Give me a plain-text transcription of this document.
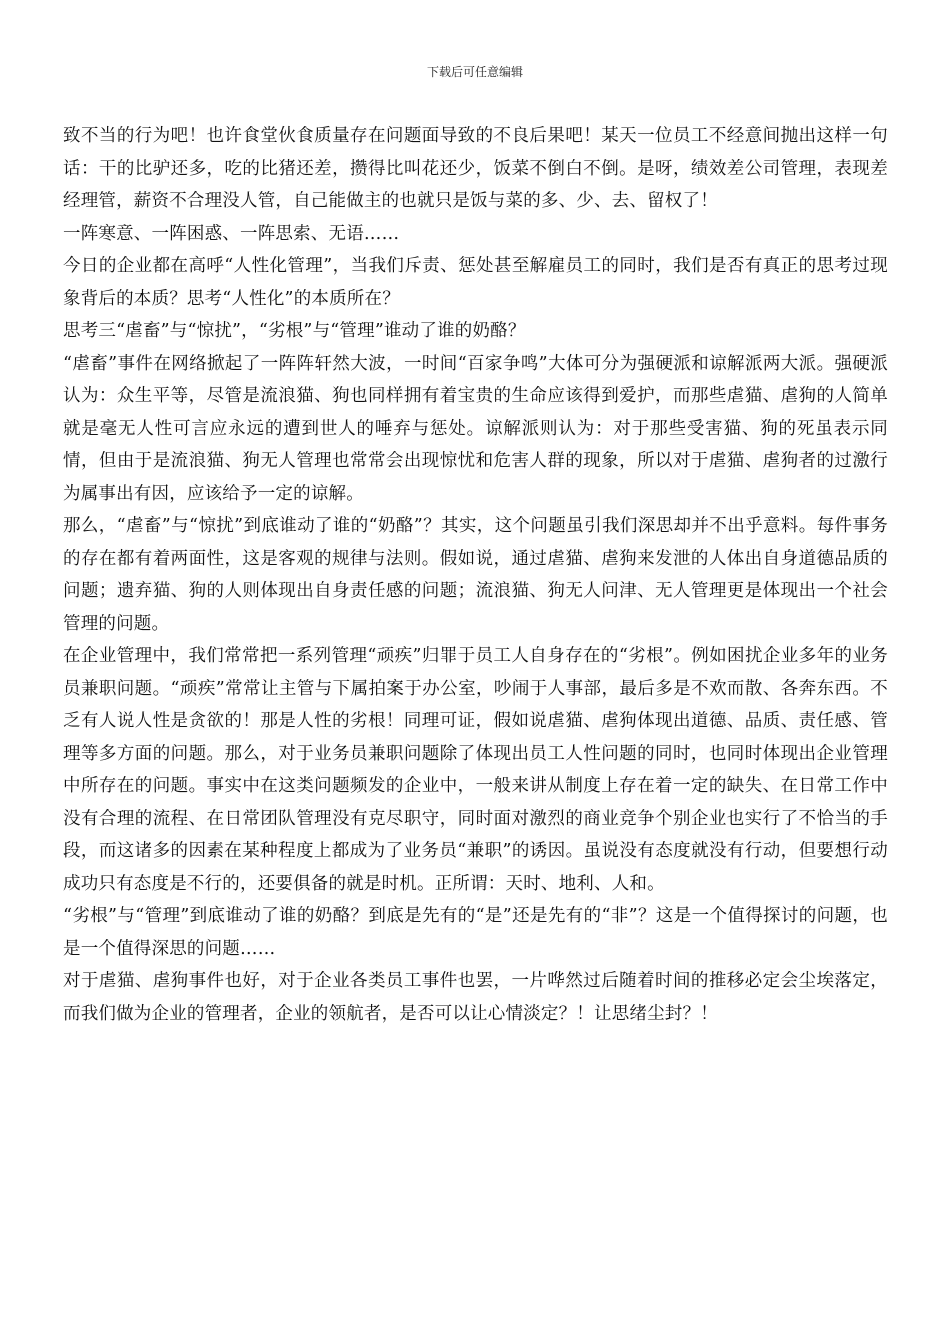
下载后可任意编辑

致不当的行为吧！也许食堂伙食质量存在问题面导致的不良后果吧！某天一位员工不经意间抛出这样一句话：干的比驴还多，吃的比猪还差，攒得比叫花还少，饭菜不倒白不倒。是呀，绩效差公司管理，表现差经理管，薪资不合理没人管，自己能做主的也就只是饭与菜的多、少、去、留权了！

一阵寒意、一阵困惑、一阵思索、无语……

今日的企业都在高呼“人性化管理”，当我们斥责、惩处甚至解雇员工的同时，我们是否有真正的思考过现象背后的本质？思考“人性化”的本质所在？

思考三“虐畜”与“惊扰”，“劣根”与“管理”谁动了谁的奶酪？

“虐畜”事件在网络掀起了一阵阵轩然大波，一时间“百家争鸣”大体可分为强硬派和谅解派两大派。强硬派认为：众生平等，尽管是流浪猫、狗也同样拥有着宝贵的生命应该得到爱护，而那些虐猫、虐狗的人简单就是毫无人性可言应永远的遭到世人的唾弃与惩处。谅解派则认为：对于那些受害猫、狗的死虽表示同情，但由于是流浪猫、狗无人管理也常常会出现惊忧和危害人群的现象，所以对于虐猫、虐狗者的过激行为属事出有因，应该给予一定的谅解。

那么，“虐畜”与“惊扰”到底谁动了谁的“奶酪”？其实，这个问题虽引我们深思却并不出乎意料。每件事务的存在都有着两面性，这是客观的规律与法则。假如说，通过虐猫、虐狗来发泄的人体出自身道德品质的问题；遗弃猫、狗的人则体现出自身责任感的问题；流浪猫、狗无人问津、无人管理更是体现出一个社会管理的问题。

在企业管理中，我们常常把一系列管理“顽疾”归罪于员工人自身存在的“劣根”。例如困扰企业多年的业务员兼职问题。“顽疾”常常让主管与下属拍案于办公室，吵闹于人事部，最后多是不欢而散、各奔东西。不乏有人说人性是贪欲的！那是人性的劣根！同理可证，假如说虐猫、虐狗体现出道德、品质、责任感、管理等多方面的问题。那么，对于业务员兼职问题除了体现出员工人性问题的同时，也同时体现出企业管理中所存在的问题。事实中在这类问题频发的企业中，一般来讲从制度上存在着一定的缺失、在日常工作中没有合理的流程、在日常团队管理没有克尽职守，同时面对激烈的商业竞争个别企业也实行了不恰当的手段，而这诸多的因素在某种程度上都成为了业务员“兼职”的诱因。虽说没有态度就没有行动，但要想行动成功只有态度是不行的，还要俱备的就是时机。正所谓：天时、地利、人和。

“劣根”与“管理”到底谁动了谁的奶酪？到底是先有的“是”还是先有的“非”？这是一个值得探讨的问题，也是一个值得深思的问题……

对于虐猫、虐狗事件也好，对于企业各类员工事件也罢，一片哗然过后随着时间的推移必定会尘埃落定，而我们做为企业的管理者，企业的领航者，是否可以让心情淡定？！让思绪尘封？！
